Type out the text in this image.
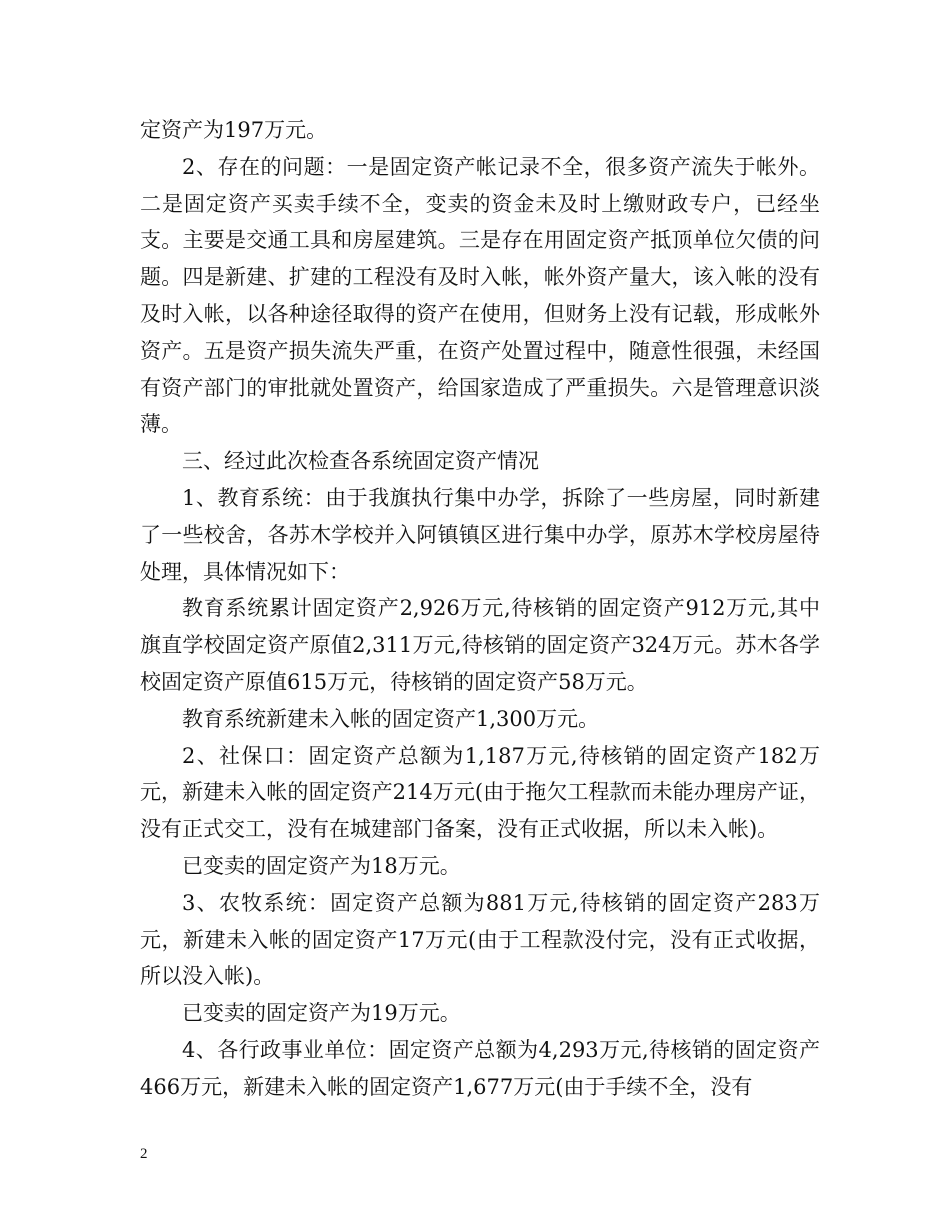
定资产为197万元。

2、存在的问题：一是固定资产帐记录不全，很多资产流失于帐外。二是固定资产买卖手续不全，变卖的资金未及时上缴财政专户，已经坐支。主要是交通工具和房屋建筑。三是存在用固定资产抵顶单位欠债的问题。四是新建、扩建的工程没有及时入帐，帐外资产量大，该入帐的没有及时入帐，以各种途径取得的资产在使用，但财务上没有记载，形成帐外资产。五是资产损失流失严重，在资产处置过程中，随意性很强，未经国有资产部门的审批就处置资产，给国家造成了严重损失。六是管理意识淡薄。

三、经过此次检查各系统固定资产情况

1、教育系统：由于我旗执行集中办学，拆除了一些房屋，同时新建了一些校舍，各苏木学校并入阿镇镇区进行集中办学，原苏木学校房屋待处理，具体情况如下：

教育系统累计固定资产2,926万元,待核销的固定资产912万元,其中旗直学校固定资产原值2,311万元,待核销的固定资产324万元。苏木各学校固定资产原值615万元，待核销的固定资产58万元。

教育系统新建未入帐的固定资产1,300万元。

2、社保口：固定资产总额为1,187万元,待核销的固定资产182万元，新建未入帐的固定资产214万元(由于拖欠工程款而未能办理房产证，没有正式交工，没有在城建部门备案，没有正式收据，所以未入帐)。

已变卖的固定资产为18万元。

3、农牧系统：固定资产总额为881万元,待核销的固定资产283万元，新建未入帐的固定资产17万元(由于工程款没付完，没有正式收据，所以没入帐)。

已变卖的固定资产为19万元。

4、各行政事业单位：固定资产总额为4,293万元,待核销的固定资产466万元，新建未入帐的固定资产1,677万元(由于手续不全，没有

2
